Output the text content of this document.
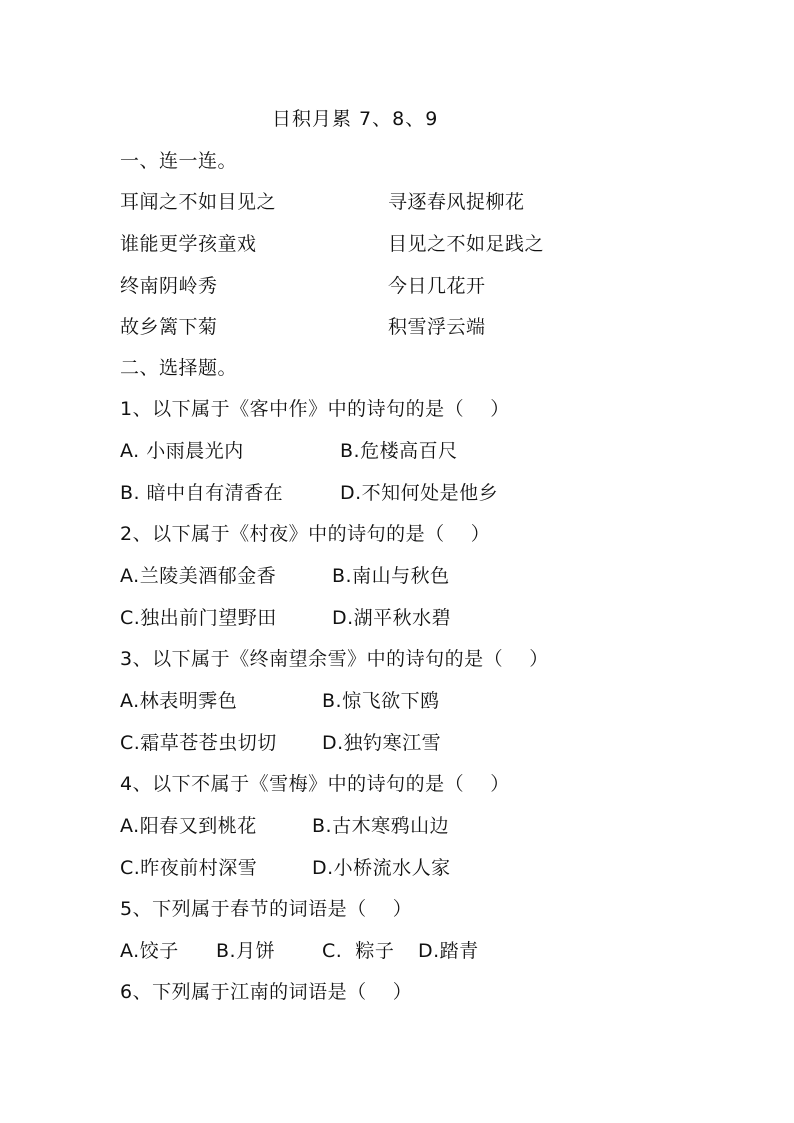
日积月累 7、8、9
一、连一连。
耳闻之不如目见之	寻逐春风捉柳花
谁能更学孩童戏	目见之不如足践之
终南阴岭秀	今日几花开
故乡篱下菊	积雪浮云端
二、选择题。
1、以下属于《客中作》中的诗句的是（    ）
A. 小雨晨光内	B.危楼高百尺
B. 暗中自有清香在	D.不知何处是他乡
2、以下属于《村夜》中的诗句的是（    ）
A.兰陵美酒郁金香	B.南山与秋色
C.独出前门望野田	D.湖平秋水碧
3、以下属于《终南望余雪》中的诗句的是（    ）
A.林表明霁色	B.惊飞欲下鸥
C.霜草苍苍虫切切 D.独钓寒江雪
4、以下不属于《雪梅》中的诗句的是（    ）
A.阳春又到桃花	B.古木寒鸦山边
C.昨夜前村深雪	D.小桥流水人家
5、下列属于春节的词语是（    ）
A.饺子 B.月饼 C.  粽子 D.踏青
6、下列属于江南的词语是（    ）
